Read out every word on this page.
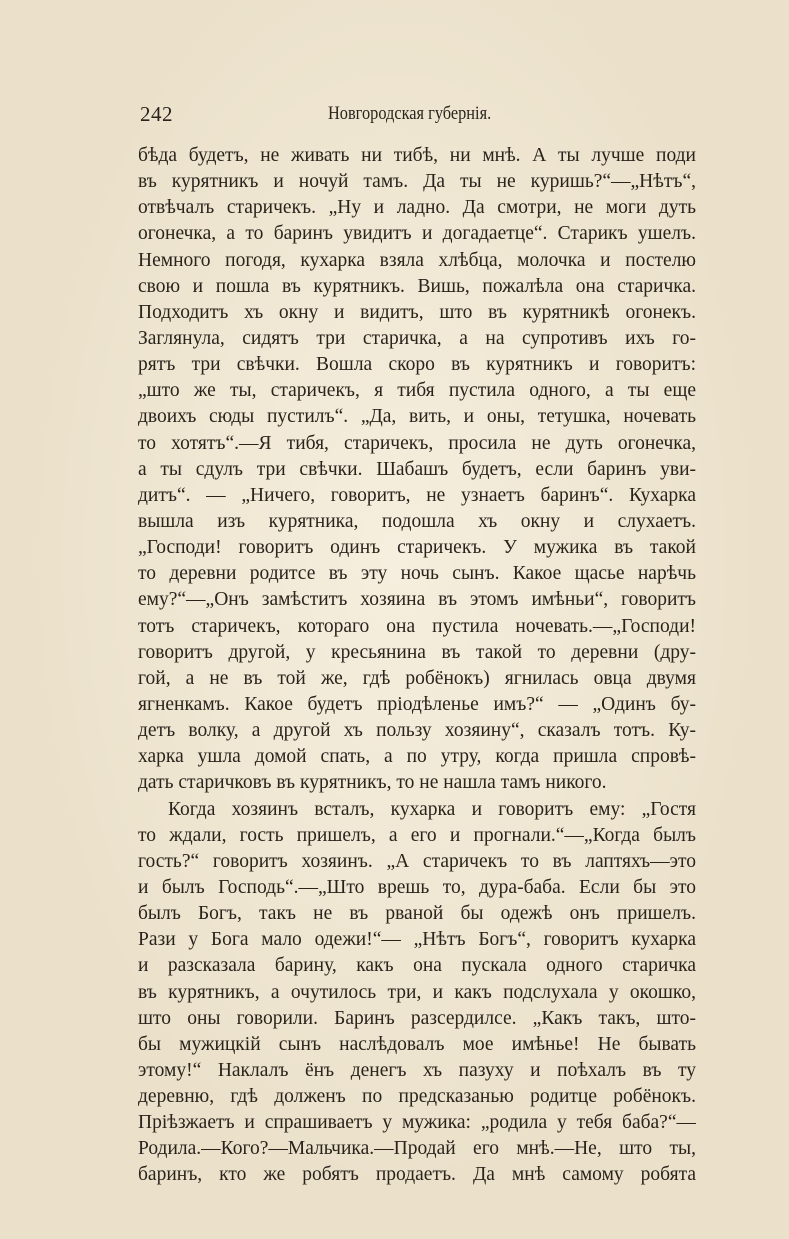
242	Новгородская губернія.
бѣда будетъ, не живать ни тибѣ, ни мнѣ. А ты лучше поди
въ курятникъ и ночуй тамъ. Да ты не куришь?“—„Нѣтъ“,
отвѣчалъ старичекъ. „Ну и ладно. Да смотри, не моги дуть
огонечка, а то баринъ увидитъ и догадаетце“. Старикъ ушелъ.
Немного погодя, кухарка взяла хлѣбца, молочка и постелю
свою и пошла въ курятникъ. Вишь, пожалѣла она старичка.
Подходитъ хъ окну и видитъ, што въ курятникѣ огонекъ.
Заглянула, сидятъ три старичка, а на супротивъ ихъ го-
рятъ три свѣчки. Вошла скоро въ курятникъ и говоритъ:
„што же ты, старичекъ, я тибя пустила одного, а ты еще
двоихъ сюды пустилъ“. „Да, вить, и оны, тетушка, ночевать
то хотятъ“.—Я тибя, старичекъ, просила не дуть огонечка,
а ты сдулъ три свѣчки. Шабашъ будетъ, если баринъ уви-
дитъ“. — „Ничего, говоритъ, не узнаетъ баринъ“. Кухарка
вышла изъ курятника, подошла хъ окну и слухаетъ.
„Господи! говоритъ одинъ старичекъ. У мужика въ такой
то деревни родитсе въ эту ночь сынъ. Какое щасье нарѣчь
ему?“—„Онъ замѣститъ хозяина въ этомъ имѣньи“, говоритъ
тотъ старичекъ, котораго она пустила ночевать.—„Господи!
говоритъ другой, у кресьянина въ такой то деревни (дру-
гой, а не въ той же, гдѣ робёнокъ) ягнилась овца двумя
ягненкамъ. Какое будетъ пріодѣленье имъ?“ — „Одинъ бу-
детъ волку, а другой хъ пользу хозяину“, сказалъ тотъ. Ку-
харка ушла домой спать, а по утру, когда пришла спровѣ-
дать старичковъ въ курятникъ, то не нашла тамъ никого.
Когда хозяинъ всталъ, кухарка и говоритъ ему: „Гостя
то ждали, гость пришелъ, а его и прогнали.“—„Когда былъ
гость?“ говоритъ хозяинъ. „А старичекъ то въ лаптяхъ—это
и былъ Господь“.—„Што врешь то, дура-баба. Если бы это
былъ Богъ, такъ не въ рваной бы одежѣ онъ пришелъ.
Рази у Бога мало одежи!“— „Нѣтъ Богъ“, говоритъ кухарка
и разсказала барину, какъ она пускала одного старичка
въ курятникъ, а очутилось три, и какъ подслухала у окошко,
што оны говорили. Баринъ разсердилсе. „Какъ такъ, што-
бы мужицкій сынъ наслѣдовалъ мое имѣнье! Не бывать
этому!“ Наклалъ ёнъ денегъ хъ пазуху и поѣхалъ въ ту
деревню, гдѣ долженъ по предсказанью родитце робёнокъ.
Пріѣзжаетъ и спрашиваетъ у мужика: „родила у тебя баба?“—
Родила.—Кого?—Мальчика.—Продай его мнѣ.—Не, што ты,
баринъ, кто же робятъ продаетъ. Да мнѣ самому робята
